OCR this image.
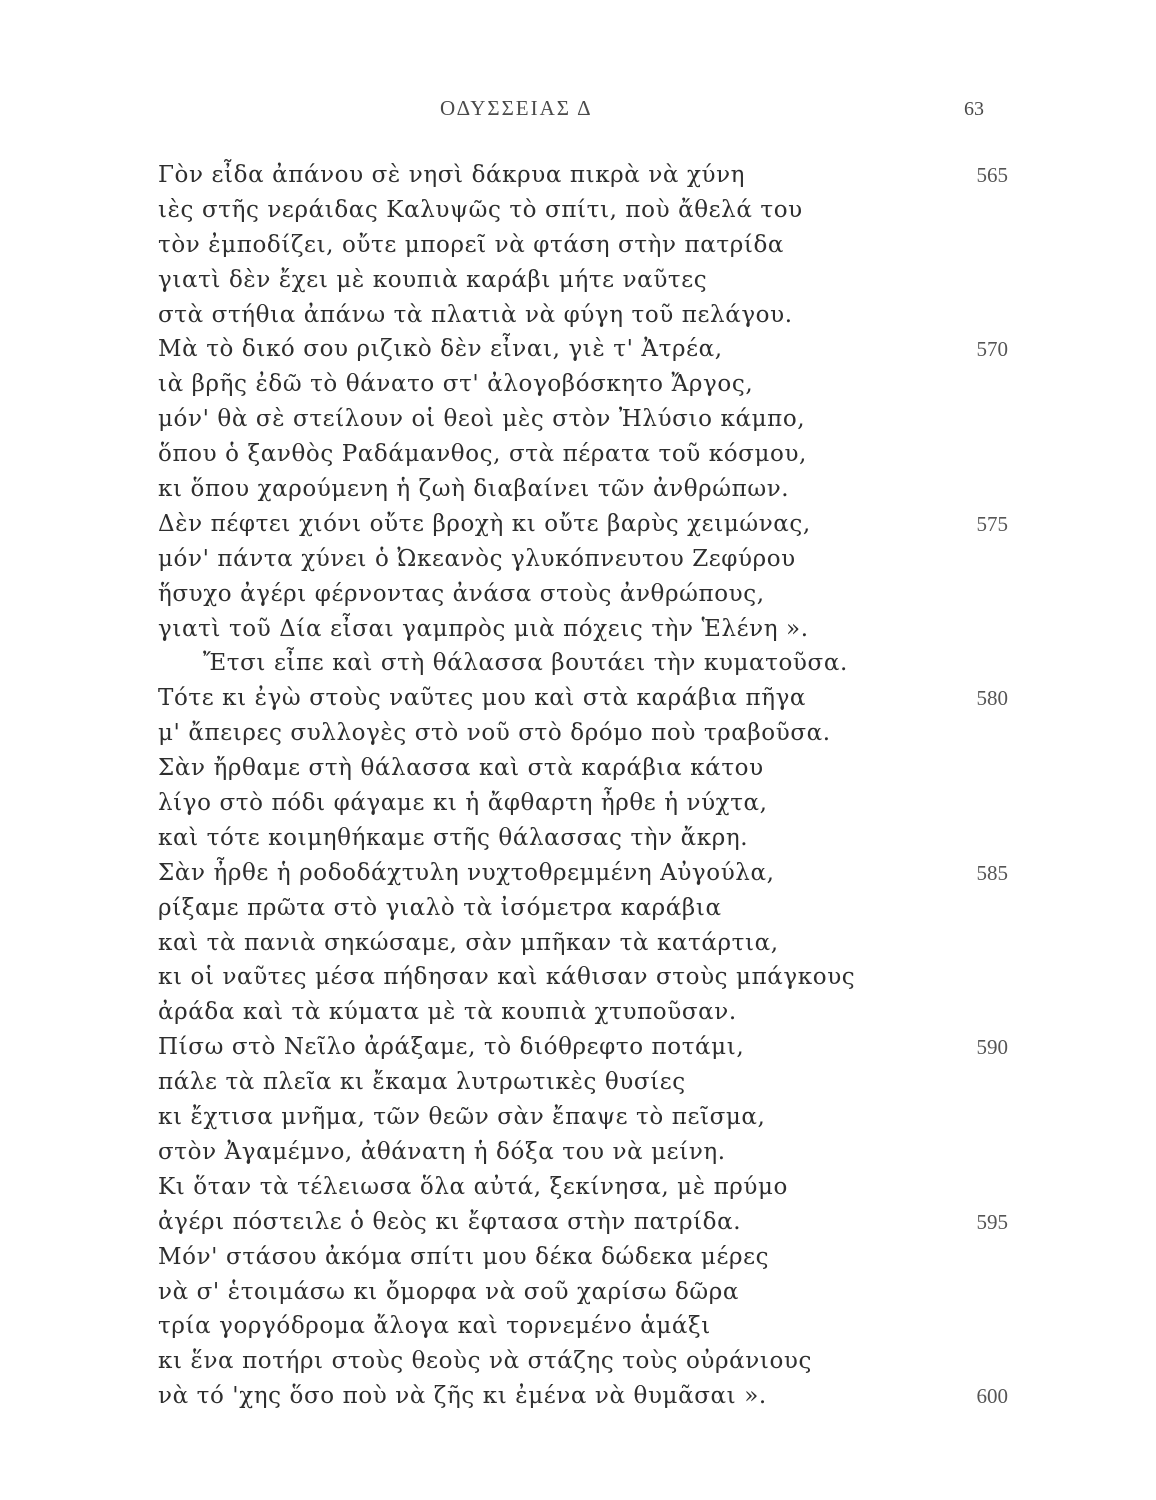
ΟΔΥΣΣΕΙΑΣ Δ	63
Γὸν εἶδα ἀπάνου σὲ νησὶ δάκρυα πικρὰ νὰ χύνη	565
ιὲς στῆς νεράιδας Καλυψῶς τὸ σπίτι, ποὺ ἄθελά του
τὸν ἐμποδίζει, οὔτε μπορεῖ νὰ φτάση στὴν πατρίδα
γιατὶ δὲν ἔχει μὲ κουπιὰ καράβι μήτε ναῦτες
στὰ στήθια ἀπάνω τὰ πλατιὰ νὰ φύγη τοῦ πελάγου.
Μὰ τὸ δικό σου ριζικὸ δὲν εἶναι, γιὲ τ' Ἀτρέα,	570
ιὰ βρῆς ἐδῶ τὸ θάνατο στ' ἀλογοβόσκητο Ἄργος,
μόν' θὰ σὲ στείλουν οἱ θεοὶ μὲς στὸν Ἠλύσιο κάμπο,
ὅπου ὁ ξανθὸς Ραδάμανθος, στὰ πέρατα τοῦ κόσμου,
κι ὅπου χαρούμενη ἡ ζωὴ διαβαίνει τῶν ἀνθρώπων.
Δὲν πέφτει χιόνι οὔτε βροχὴ κι οὔτε βαρὺς χειμώνας,	575
μόν' πάντα χύνει ὁ Ὠκεανὸς γλυκόπνευτου Ζεφύρου
ἥσυχο ἀγέρι φέρνοντας ἀνάσα στοὺς ἀνθρώπους,
γιατὶ τοῦ Δία εἶσαι γαμπρὸς μιὰ πόχεις τὴν Ἑλένη ».
Ἔτσι εἶπε καὶ στὴ θάλασσα βουτάει τὴν κυματοῦσα.
Τότε κι ἐγὼ στοὺς ναῦτες μου καὶ στὰ καράβια πῆγα	580
μ' ἄπειρες συλλογὲς στὸ νοῦ στὸ δρόμο ποὺ τραβοῦσα.
Σὰν ἤρθαμε στὴ θάλασσα καὶ στὰ καράβια κάτου
λίγο στὸ πόδι φάγαμε κι ἡ ἄφθαρτη ἦρθε ἡ νύχτα,
καὶ τότε κοιμηθήκαμε στῆς θάλασσας τὴν ἄκρη.
Σὰν ἦρθε ἡ ροδοδάχτυλη νυχτοθρεμμένη Αὐγούλα,	585
ρίξαμε πρῶτα στὸ γιαλὸ τὰ ἰσόμετρα καράβια
καὶ τὰ πανιὰ σηκώσαμε, σὰν μπῆκαν τὰ κατάρτια,
κι οἱ ναῦτες μέσα πήδησαν καὶ κάθισαν στοὺς μπάγκους
ἀράδα καὶ τὰ κύματα μὲ τὰ κουπιὰ χτυποῦσαν.
Πίσω στὸ Νεῖλο ἀράξαμε, τὸ διόθρεφτο ποτάμι,	590
πάλε τὰ πλεῖα κι ἔκαμα λυτρωτικὲς θυσίες
κι ἔχτισα μνῆμα, τῶν θεῶν σὰν ἔπαψε τὸ πεῖσμα,
στὸν Ἀγαμέμνο, ἀθάνατη ἡ δόξα του νὰ μείνη.
Κι ὅταν τὰ τέλειωσα ὅλα αὐτά, ξεκίνησα, μὲ πρύμο
ἀγέρι πόστειλε ὁ θεὸς κι ἔφτασα στὴν πατρίδα.	595
Μόν' στάσου ἀκόμα σπίτι μου δέκα δώδεκα μέρες
νὰ σ' ἑτοιμάσω κι ὄμορφα νὰ σοῦ χαρίσω δῶρα
τρία γοργόδρομα ἄλογα καὶ τορνεμένο ἁμάξι
κι ἕνα ποτήρι στοὺς θεοὺς νὰ στάζης τοὺς οὐράνιους
νὰ τό 'χης ὅσο ποὺ νὰ ζῆς κι ἐμένα νὰ θυμᾶσαι ».	600
